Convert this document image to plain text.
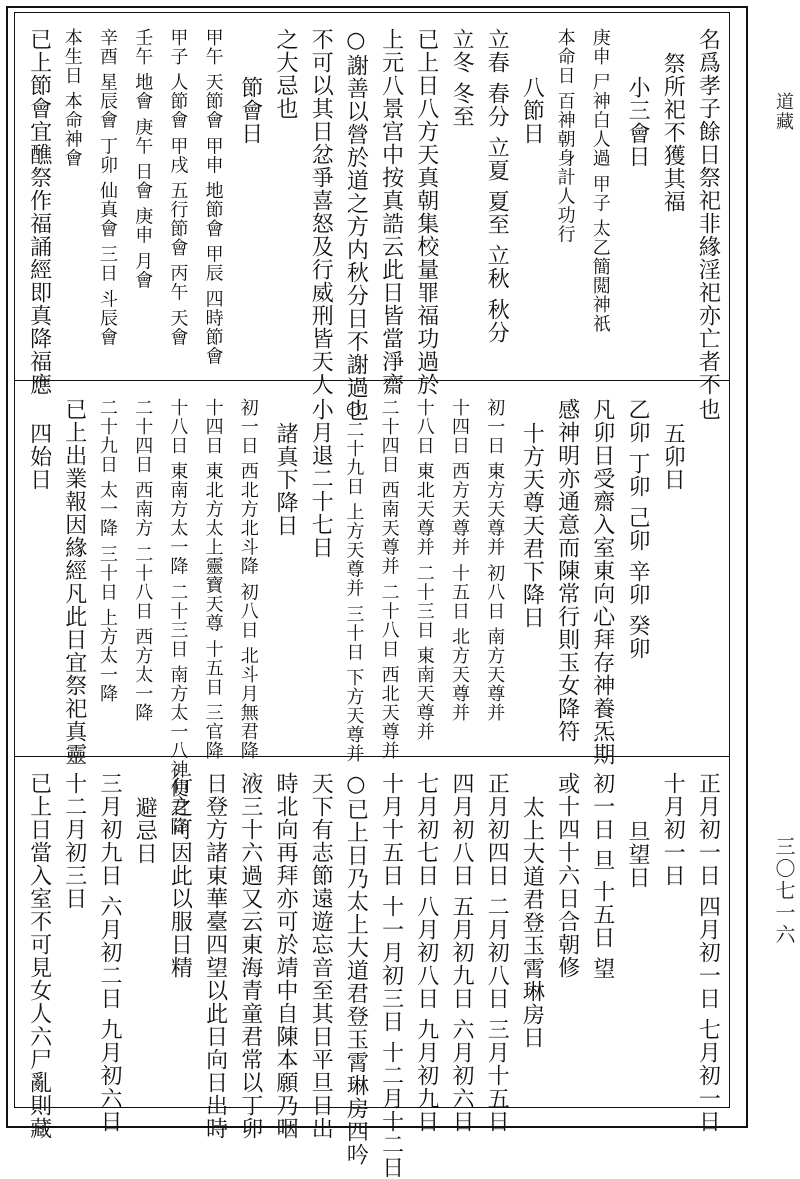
道藏
三〇七一六
名爲孝子餘日祭祀非緣淫祀亦亡者不
祭所祀不獲其福
小三會日
庚申 尸神白人過 甲子 太乙簡閲神祇
本命日 百神朝身計人功行
八節日
立春 春分 立夏 夏至 立秋 秋分
立冬 冬至
已上日八方天真朝集校量罪福功過於
上元八景宫中按真誥云此日皆當淨齋
○謝善以營於道之方内秋分日不謝過也
不可以其日忿爭喜怒及行威刑皆天人
之大忌也
節會日
甲午 天節會 甲申 地節會 甲辰 四時節會
甲子 人節會 甲戌 五行節會 丙午 天會
壬午 地會 庚午 日會 庚申 月會
辛酉 星辰會 丁卯 仙真會 三日 斗辰會
本生日 本命神會
已上節會宜醮祭作福誦經即真降福應
也
五卯日
乙卯 丁卯 己卯 辛卯 癸卯
凡卯日受齋入室東向心拜存神養炁期
感神明亦通意而陳常行則玉女降符
十方天尊天君下降日
初一日 東方天尊并 初八日 南方天尊并
十四日 西方天尊并 十五日 北方天尊并
十八日 東北天尊并 二十三日 東南天尊并
二十四日 西南天尊并 二十八日 西北天尊并
○二十九日 上方天尊并 三十日 下方天尊并
小月退二十七日
諸真下降日
初一日 西北方北斗降 初八日 北斗月無君降
十四日 東北方太上靈寶天尊 十五日 三官降
十八日 東南方太一降 二十三日 南方太一八神使君降
二十四日 西南方 二十八日 西方太一降
二十九日 太一降 三十日 上方太一降
已上出業報因緣經凡此日宜祭祀真靈
四始日
正月初一日 四月初一日 七月初一日
十月初一日
旦望日
初一日 旦 十五日 望
或十四十六日合朝修
太上大道君登玉霄琳房日
正月初四日 二月初八日 三月十五日
四月初八日 五月初九日 六月初六日
七月初七日 八月初八日 九月初九日
十月十五日 十一月初三日 十二月十二日
○已上日乃太上大道君登玉霄琳房四吟
天下有志節遠遊忘音至其日平旦日出
時北向再拜亦可於靖中自陳本願乃咽
液三十六過又云東海青童君常以丁卯
日登方諸東華臺四望以此日向日出時
行之可因此以服日精
避忌日
三月初九日 六月初二日 九月初六日
十二月初三日
已上日當入室不可見女人六尸亂則藏
